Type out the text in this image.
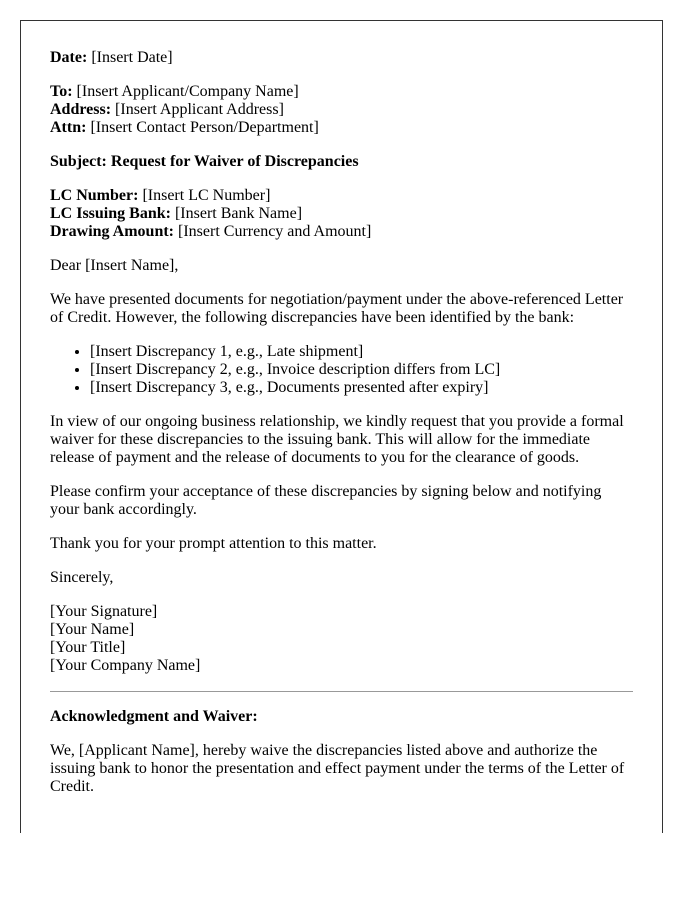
Date: [Insert Date]

To: [Insert Applicant/Company Name]
Address: [Insert Applicant Address]
Attn: [Insert Contact Person/Department]

Subject: Request for Waiver of Discrepancies

LC Number: [Insert LC Number]
LC Issuing Bank: [Insert Bank Name]
Drawing Amount: [Insert Currency and Amount]

Dear [Insert Name],

We have presented documents for negotiation/payment under the above-referenced Letter of Credit. However, the following discrepancies have been identified by the bank:

• [Insert Discrepancy 1, e.g., Late shipment]
• [Insert Discrepancy 2, e.g., Invoice description differs from LC]
• [Insert Discrepancy 3, e.g., Documents presented after expiry]

In view of our ongoing business relationship, we kindly request that you provide a formal waiver for these discrepancies to the issuing bank. This will allow for the immediate release of payment and the release of documents to you for the clearance of goods.

Please confirm your acceptance of these discrepancies by signing below and notifying your bank accordingly.

Thank you for your prompt attention to this matter.

Sincerely,

[Your Signature]
[Your Name]
[Your Title]
[Your Company Name]

Acknowledgment and Waiver:

We, [Applicant Name], hereby waive the discrepancies listed above and authorize the issuing bank to honor the presentation and effect payment under the terms of the Letter of Credit.
